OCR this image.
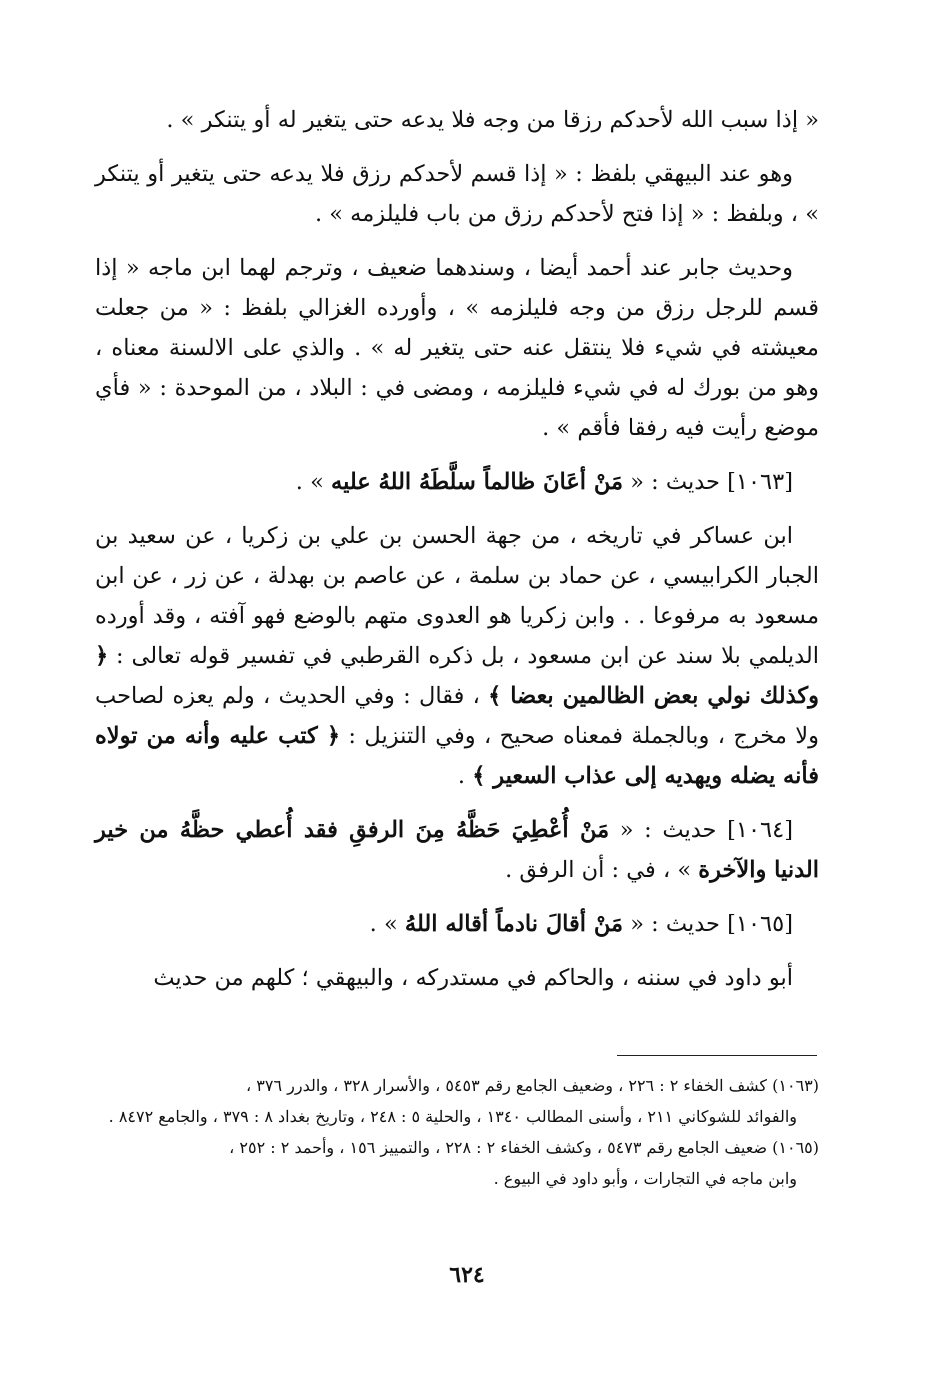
« إذا سبب الله لأحدكم رزقا من وجه فلا يدعه حتى يتغير له أو يتنكر » .

وهو عند البيهقي بلفظ : « إذا قسم لأحدكم رزق فلا يدعه حتى يتغير أو يتنكر » ، وبلفظ : « إذا فتح لأحدكم رزق من باب فليلزمه » .

وحديث جابر عند أحمد أيضا ، وسندهما ضعيف ، وترجم لهما ابن ماجه « إذا قسم للرجل رزق من وجه فليلزمه » ، وأورده الغزالي بلفظ : « من جعلت معيشته في شيء فلا ينتقل عنه حتى يتغير له » . والذي على الالسنة معناه ، وهو من بورك له في شيء فليلزمه ، ومضى في : البلاد ، من الموحدة : « فأي موضع رأيت فيه رفقا فأقم » .

[١٠٦٣] حديث : « مَنْ أعَانَ ظالماً سلَّطَهُ اللهُ عليه » .

ابن عساكر في تاريخه ، من جهة الحسن بن علي بن زكريا ، عن سعيد بن الجبار الكرابيسي ، عن حماد بن سلمة ، عن عاصم بن بهدلة ، عن زر ، عن ابن مسعود به مرفوعا . . وابن زكريا هو العدوى متهم بالوضع فهو آفته ، وقد أورده الديلمي بلا سند عن ابن مسعود ، بل ذكره القرطبي في تفسير قوله تعالى : ﴿ وكذلك نولي بعض الظالمين بعضا ﴾ ، فقال : وفي الحديث ، ولم يعزه لصاحب ولا مخرج ، وبالجملة فمعناه صحيح ، وفي التنزيل : ﴿ كتب عليه وأنه من تولاه فأنه يضله ويهديه إلى عذاب السعير ﴾ .

[١٠٦٤] حديث : « مَنْ أُعْطِيَ حَظَّهُ مِنَ الرفقِ فقد أُعطي حظَّهُ من خير الدنيا والآخرة » ، في : أن الرفق .

[١٠٦٥] حديث : « مَنْ أقالَ نادماً أقاله اللهُ » .

أبو داود في سننه ، والحاكم في مستدركه ، والبيهقي ؛ كلهم من حديث

(١٠٦٣) كشف الخفاء ٢ : ٢٢٦ ، وضعيف الجامع رقم ٥٤٥٣ ، والأسرار ٣٢٨ ، والدرر ٣٧٦ ،

والفوائد للشوكاني ٢١١ ، وأسنى المطالب ١٣٤٠ ، والحلية ٥ : ٢٤٨ ، وتاريخ بغداد ٨ : ٣٧٩ ، والجامع ٨٤٧٢ .

(١٠٦٥) ضعيف الجامع رقم ٥٤٧٣ ، وكشف الخفاء ٢ : ٢٢٨ ، والتمييز ١٥٦ ، وأحمد ٢ : ٢٥٢ ،

وابن ماجه في التجارات ، وأبو داود في البيوع .

٦٢٤
